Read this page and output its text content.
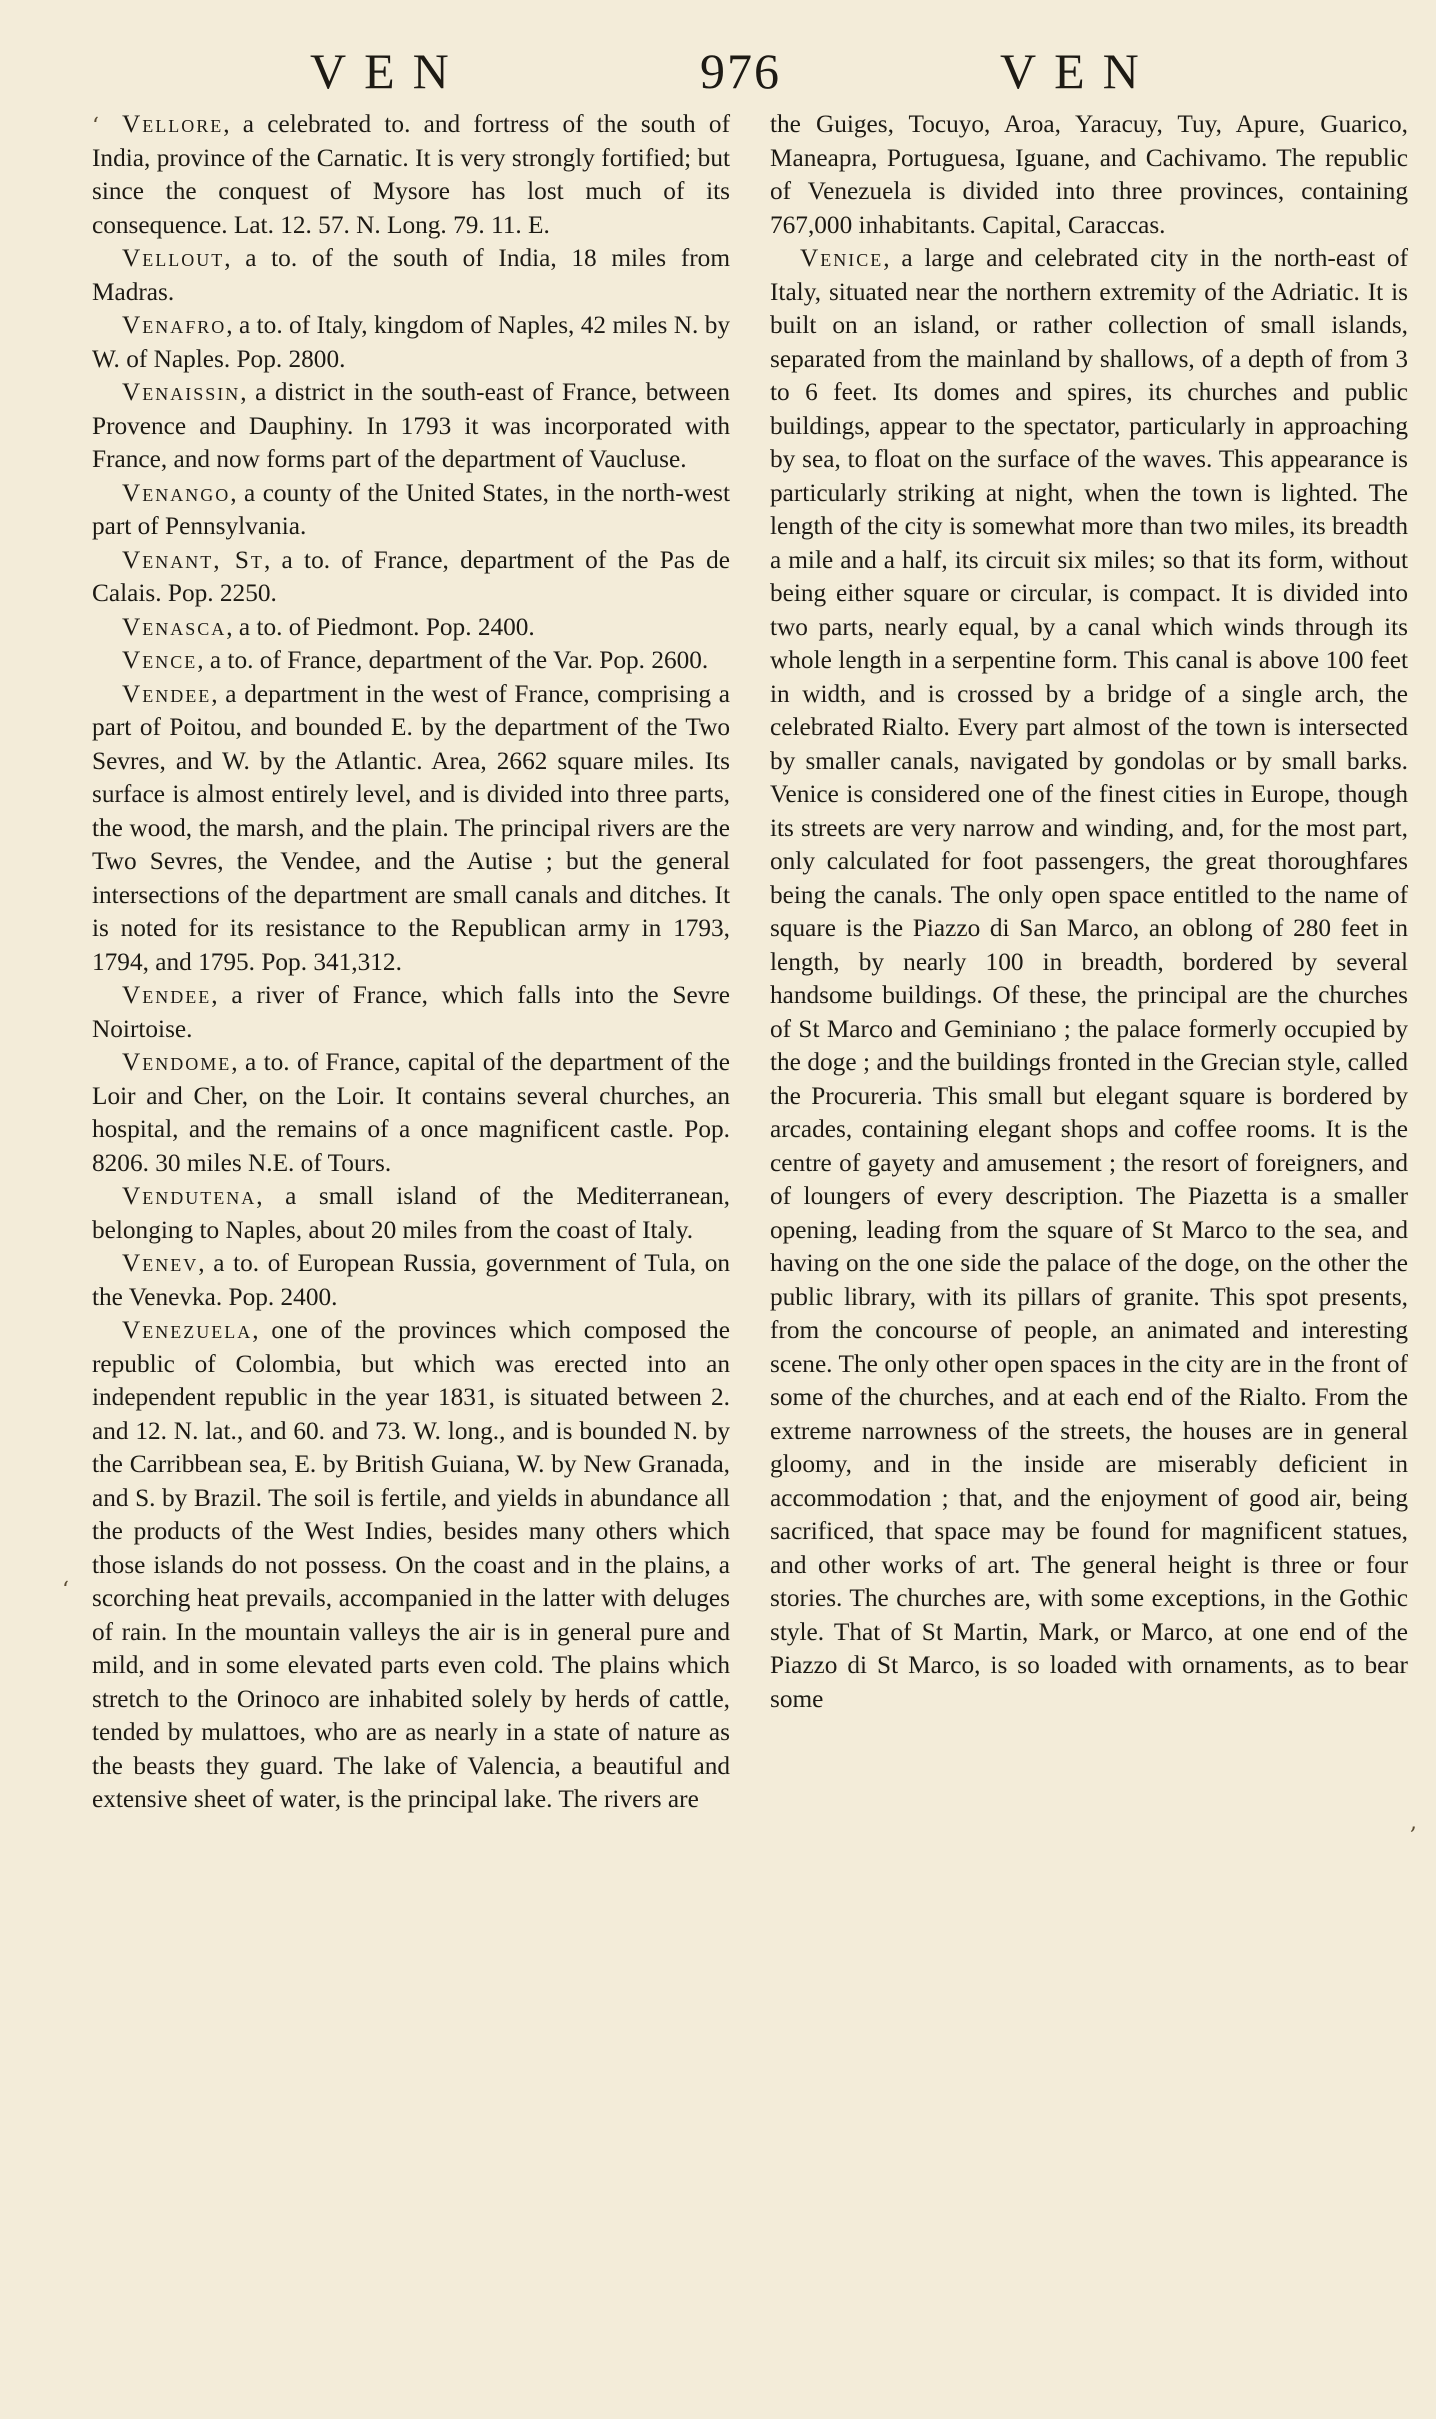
VEN	976	VEN
‘
‘
,

Vellore, a celebrated to. and fortress of the south of India, province of the Carnatic. It is very strongly fortified; but since the conquest of Mysore has lost much of its consequence. Lat. 12. 57. N. Long. 79. 11. E.

Vellout, a to. of the south of India, 18 miles from Madras.

Venafro, a to. of Italy, kingdom of Naples, 42 miles N. by W. of Naples. Pop. 2800.

Venaissin, a district in the south-east of France, between Provence and Dauphiny. In 1793 it was incorporated with France, and now forms part of the department of Vaucluse.

Venango, a county of the United States, in the north-west part of Pennsylvania.

Venant, St, a to. of France, department of the Pas de Calais. Pop. 2250.

Venasca, a to. of Piedmont. Pop. 2400.

Vence, a to. of France, department of the Var. Pop. 2600.

Vendee, a department in the west of France, comprising a part of Poitou, and bounded E. by the department of the Two Sevres, and W. by the Atlantic. Area, 2662 square miles. Its surface is almost entirely level, and is divided into three parts, the wood, the marsh, and the plain. The principal rivers are the Two Sevres, the Vendee, and the Autise ; but the general intersections of the department are small canals and ditches. It is noted for its resistance to the Republican army in 1793, 1794, and 1795. Pop. 341,312.

Vendee, a river of France, which falls into the Sevre Noirtoise.

Vendome, a to. of France, capital of the department of the Loir and Cher, on the Loir. It contains several churches, an hospital, and the remains of a once magnificent castle. Pop. 8206. 30 miles N.E. of Tours.

Vendutena, a small island of the Mediterranean, belonging to Naples, about 20 miles from the coast of Italy.

Venev, a to. of European Russia, government of Tula, on the Venevka. Pop. 2400.

Venezuela, one of the provinces which composed the republic of Colombia, but which was erected into an independent republic in the year 1831, is situated between 2. and 12. N. lat., and 60. and 73. W. long., and is bounded N. by the Carribbean sea, E. by British Guiana, W. by New Granada, and S. by Brazil. The soil is fertile, and yields in abundance all the products of the West Indies, besides many others which those islands do not possess. On the coast and in the plains, a scorching heat prevails, accompanied in the latter with deluges of rain. In the mountain valleys the air is in general pure and mild, and in some elevated parts even cold. The plains which stretch to the Orinoco are inhabited solely by herds of cattle, tended by mulattoes, who are as nearly in a state of nature as the beasts they guard. The lake of Valencia, a beautiful and extensive sheet of water, is the principal lake. The rivers are

the Guiges, Tocuyo, Aroa, Yaracuy, Tuy, Apure, Guarico, Maneapra, Portuguesa, Iguane, and Cachivamo. The republic of Venezuela is divided into three provinces, containing 767,000 inhabitants. Capital, Caraccas.

Venice, a large and celebrated city in the north-east of Italy, situated near the northern extremity of the Adriatic. It is built on an island, or rather collection of small islands, separated from the mainland by shallows, of a depth of from 3 to 6 feet. Its domes and spires, its churches and public buildings, appear to the spectator, particularly in approaching by sea, to float on the surface of the waves. This appearance is particularly striking at night, when the town is lighted. The length of the city is somewhat more than two miles, its breadth a mile and a half, its circuit six miles; so that its form, without being either square or circular, is compact. It is divided into two parts, nearly equal, by a canal which winds through its whole length in a serpentine form. This canal is above 100 feet in width, and is crossed by a bridge of a single arch, the celebrated Rialto. Every part almost of the town is intersected by smaller canals, navigated by gondolas or by small barks. Venice is considered one of the finest cities in Europe, though its streets are very narrow and winding, and, for the most part, only calculated for foot passengers, the great thoroughfares being the canals. The only open space entitled to the name of square is the Piazzo di San Marco, an oblong of 280 feet in length, by nearly 100 in breadth, bordered by several handsome buildings. Of these, the principal are the churches of St Marco and Geminiano ; the palace formerly occupied by the doge ; and the buildings fronted in the Grecian style, called the Procureria. This small but elegant square is bordered by arcades, containing elegant shops and coffee rooms. It is the centre of gayety and amusement ; the resort of foreigners, and of loungers of every description. The Piazetta is a smaller opening, leading from the square of St Marco to the sea, and having on the one side the palace of the doge, on the other the public library, with its pillars of granite. This spot presents, from the concourse of people, an animated and interesting scene. The only other open spaces in the city are in the front of some of the churches, and at each end of the Rialto. From the extreme narrowness of the streets, the houses are in general gloomy, and in the inside are miserably deficient in accommodation ; that, and the enjoyment of good air, being sacrificed, that space may be found for magnificent statues, and other works of art. The general height is three or four stories. The churches are, with some exceptions, in the Gothic style. That of St Martin, Mark, or Marco, at one end of the Piazzo di St Marco, is so loaded with ornaments, as to bear some
